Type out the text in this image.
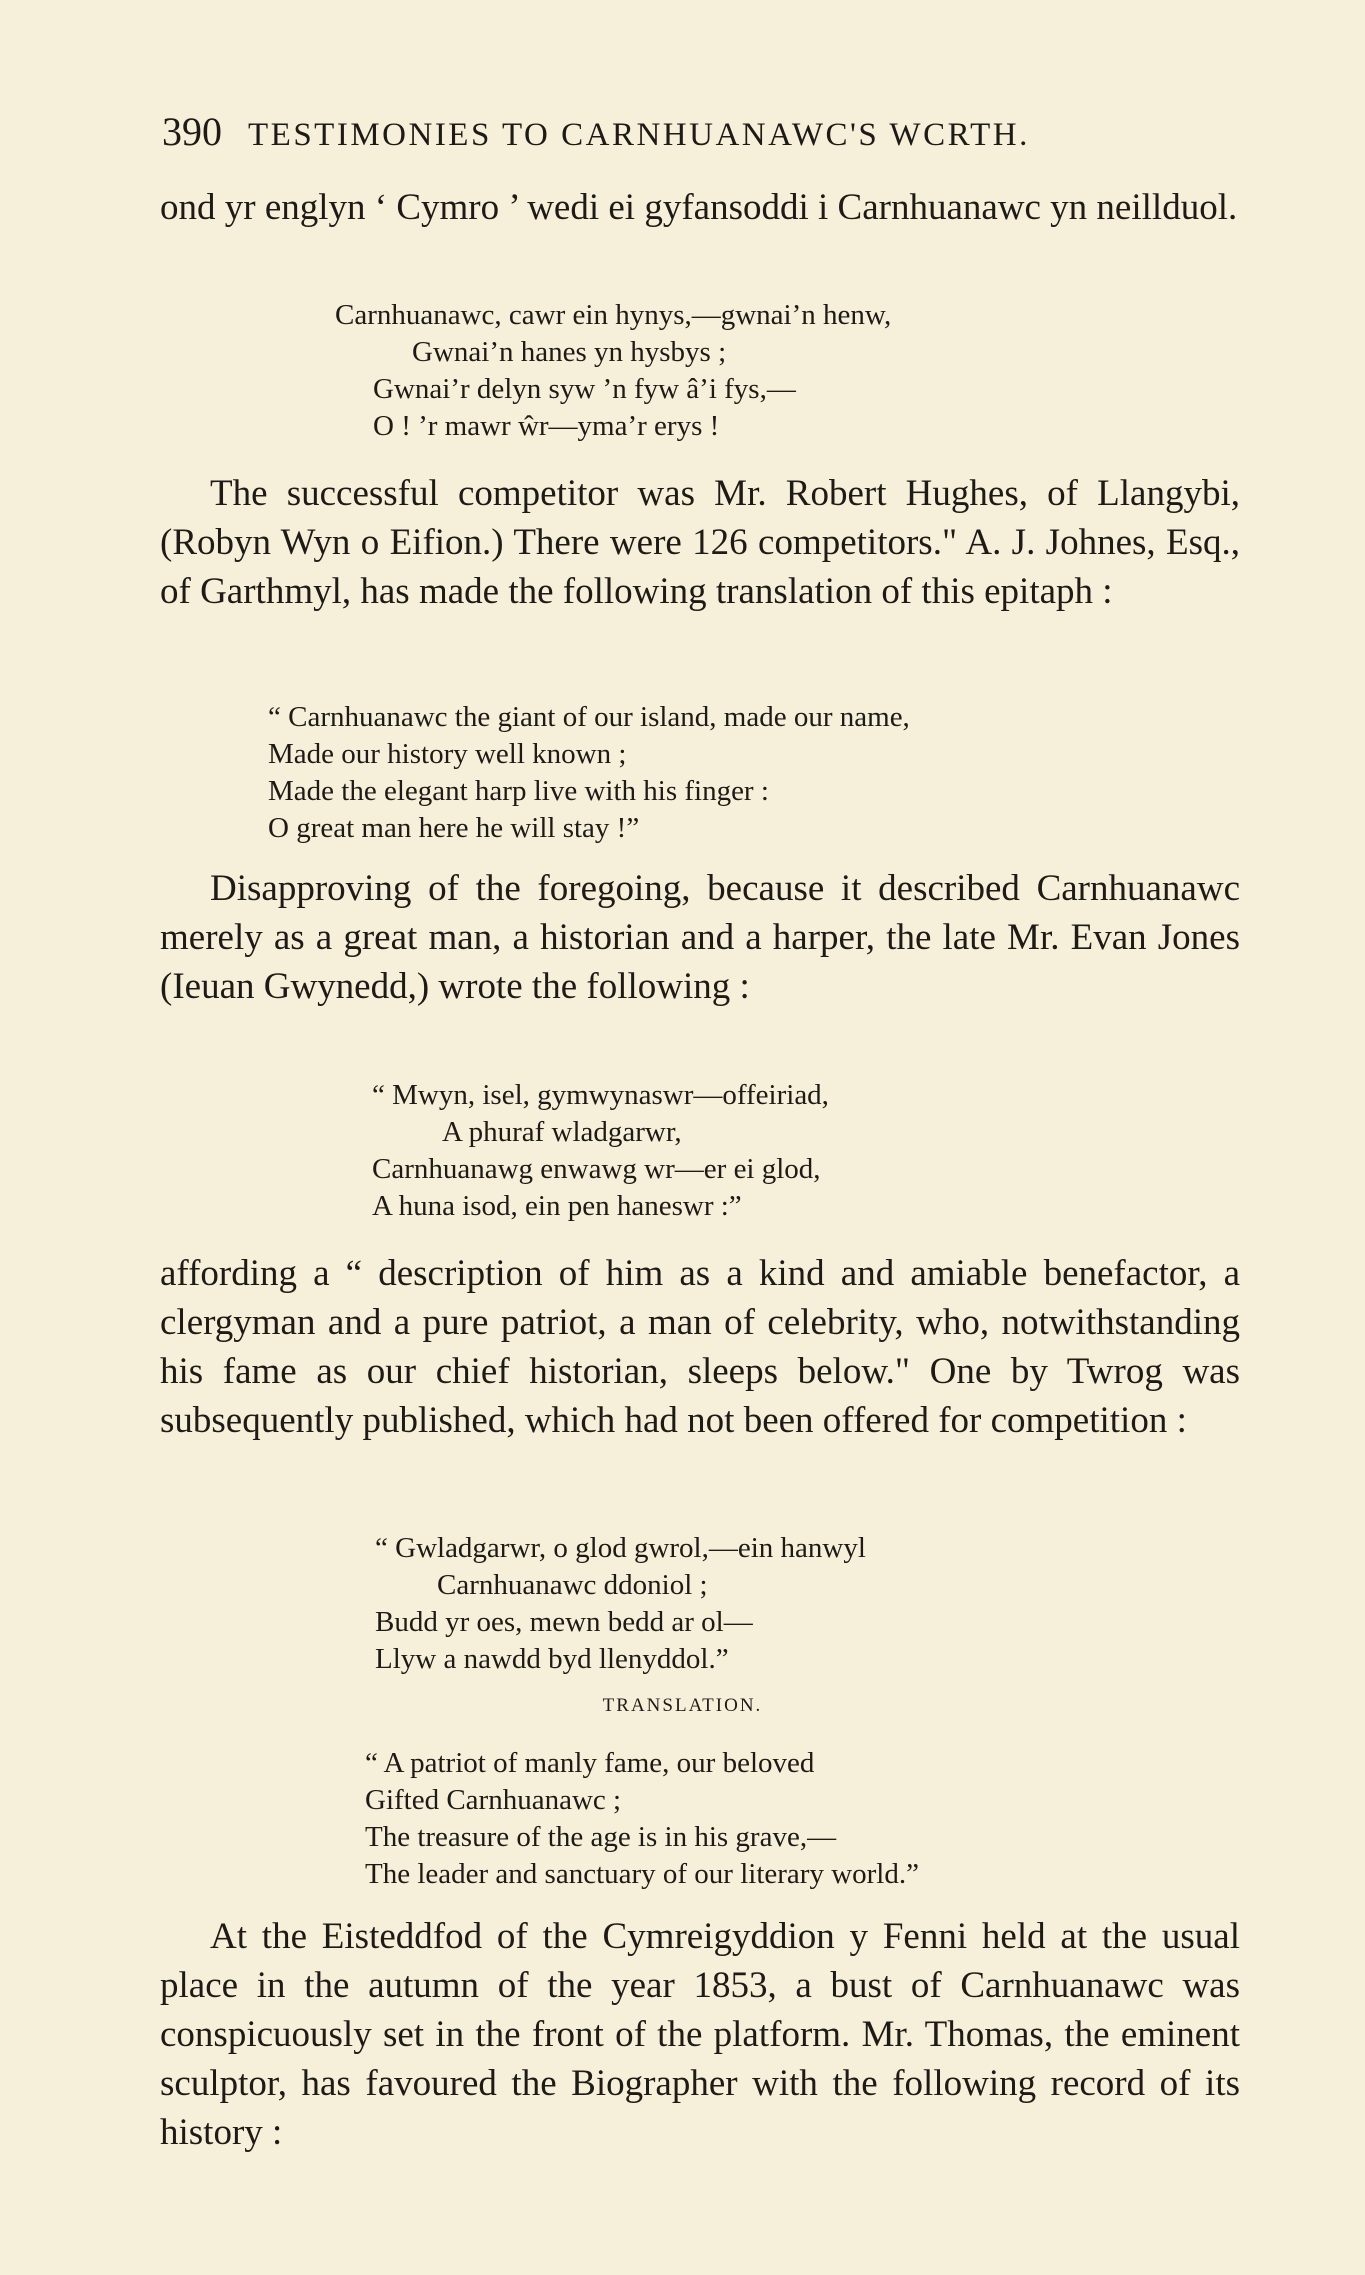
390 TESTIMONIES TO CARNHUANAWC'S WCRTH.

ond yr englyn ‘ Cymro ’ wedi ei gyfansoddi i Carnhuanawc yn neillduol.

Carnhuanawc, cawr ein hynys,—gwnai’n henw,
Gwnai’n hanes yn hysbys ;
Gwnai’r delyn syw ’n fyw â’i fys,—
O ! ’r mawr ŵr—yma’r erys !

The successful competitor was Mr. Robert Hughes, of Llangybi, (Robyn Wyn o Eifion.) There were 126 competitors." A. J. Johnes, Esq., of Garthmyl, has made the following translation of this epitaph :

“ Carnhuanawc the giant of our island, made our name,
Made our history well known ;
Made the elegant harp live with his finger :
O great man here he will stay !”

Disapproving of the foregoing, because it described Carnhuanawc merely as a great man, a historian and a harper, the late Mr. Evan Jones (Ieuan Gwynedd,) wrote the following :

“ Mwyn, isel, gymwynaswr—offeiriad,
A phuraf wladgarwr,
Carnhuanawg enwawg wr—er ei glod,
A huna isod, ein pen haneswr :”

affording a “ description of him as a kind and amiable benefactor, a clergyman and a pure patriot, a man of celebrity, who, notwithstanding his fame as our chief historian, sleeps below." One by Twrog was subsequently published, which had not been offered for competition :

“ Gwladgarwr, o glod gwrol,—ein hanwyl
Carnhuanawc ddoniol ;
Budd yr oes, mewn bedd ar ol—
Llyw a nawdd byd llenyddol.”

TRANSLATION.

“ A patriot of manly fame, our beloved
Gifted Carnhuanawc ;
The treasure of the age is in his grave,—
The leader and sanctuary of our literary world.”

At the Eisteddfod of the Cymreigyddion y Fenni held at the usual place in the autumn of the year 1853, a bust of Carnhuanawc was conspicuously set in the front of the platform. Mr. Thomas, the eminent sculptor, has favoured the Biographer with the following record of its history :
